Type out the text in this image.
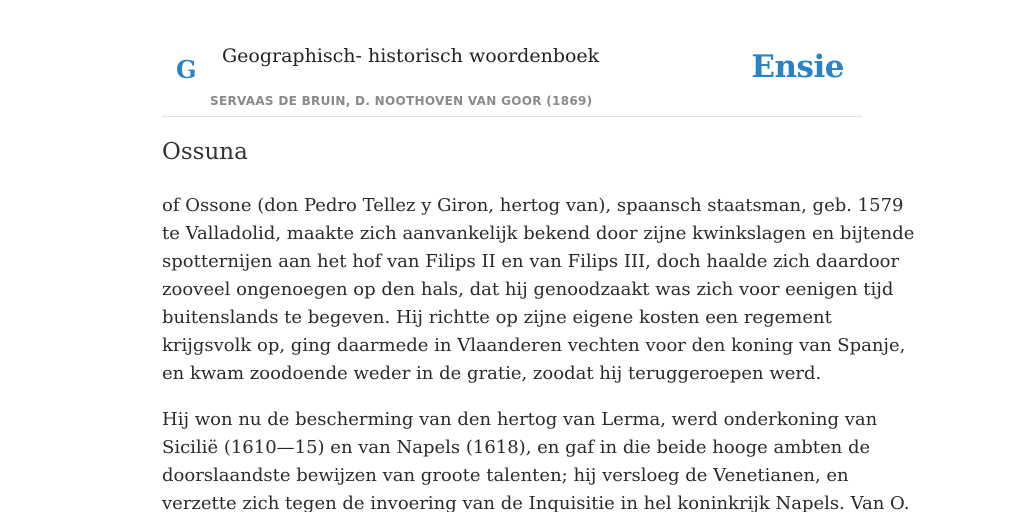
G Geographisch- historisch woordenboek
SERVAAS DE BRUIN, D. NOOTHOVEN VAN GOOR (1869)
Ensie
Ossuna

of Ossone (don Pedro Tellez y Giron, hertog van), spaansch staatsman, geb. 1579
te Valladolid, maakte zich aanvankelijk bekend door zijne kwinkslagen en bijtende
spotternijen aan het hof van Filips II en van Filips III, doch haalde zich daardoor
zooveel ongenoegen op den hals, dat hij genoodzaakt was zich voor eenigen tijd
buitenslands te begeven. Hij richtte op zijne eigene kosten een regement
krijgsvolk op, ging daarmede in Vlaanderen vechten voor den koning van Spanje,
en kwam zoodoende weder in de gratie, zoodat hij teruggeroepen werd.

Hij won nu de bescherming van den hertog van Lerma, werd onderkoning van
Sicilië (1610—15) en van Napels (1618), en gaf in die beide hooge ambten de
doorslaandste bewijzen van groote talenten; hij versloeg de Venetianen, en
verzette zich tegen de invoering van de Inquisitie in hel koninkrijk Napels. Van O.
